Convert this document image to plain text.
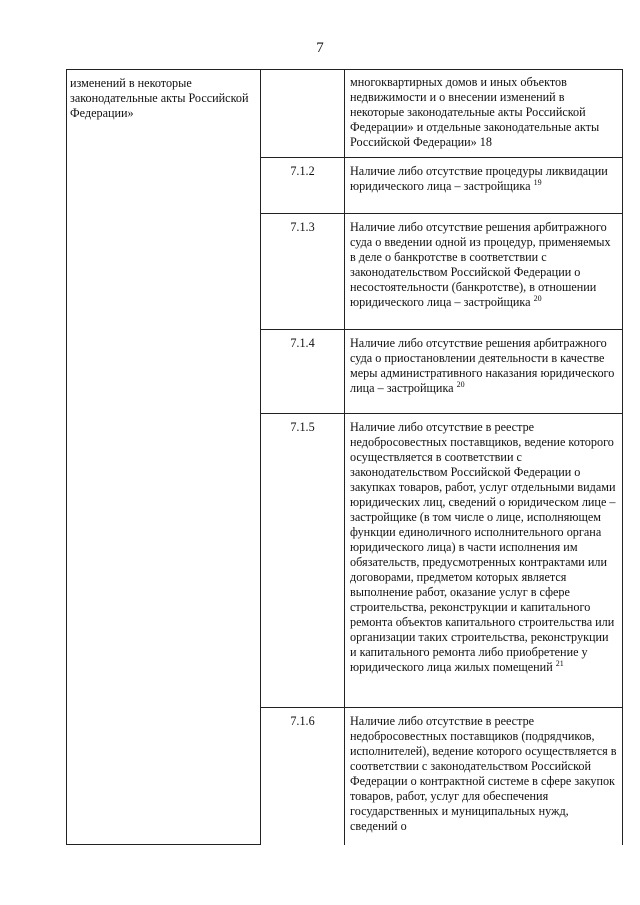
7
изменений в некоторые законодательные акты Российской Федерации»		многоквартирных домов и иных объектов недвижимости и о внесении изменений в некоторые законодательные акты Российской Федерации» и отдельные законодательные акты Российской Федерации» 18
	7.1.2	Наличие либо отсутствие процедуры ликвидации юридического лица – застройщика $^{19}$
	7.1.3	Наличие либо отсутствие решения арбитражного суда о введении одной из процедур, применяемых в деле о банкротстве в соответствии с законодательством Российской Федерации о несостоятельности (банкротстве), в отношении юридического лица – застройщика $^{20}$
	7.1.4	Наличие либо отсутствие решения арбитражного суда о приостановлении деятельности в качестве меры административного наказания юридического лица – застройщика $^{20}$
	7.1.5	Наличие либо отсутствие в реестре недобросовестных поставщиков, ведение которого осуществляется в соответствии с законодательством Российской Федерации о закупках товаров, работ, услуг отдельными видами юридических лиц, сведений о юридическом лице – застройщике (в том числе о лице, исполняющем функции единоличного исполнительного органа юридического лица) в части исполнения им обязательств, предусмотренных контрактами или договорами, предметом которых является выполнение работ, оказание услуг в сфере строительства, реконструкции и капитального ремонта объектов капитального строительства или организации таких строительства, реконструкции и капитального ремонта либо приобретение у юридического лица жилых помещений $^{21}$
	7.1.6	Наличие либо отсутствие в реестре недобросовестных поставщиков (подрядчиков, исполнителей), ведение которого осуществляется в соответствии с законодательством Российской Федерации о контрактной системе в сфере закупок товаров, работ, услуг для обеспечения государственных и муниципальных нужд, сведений о
